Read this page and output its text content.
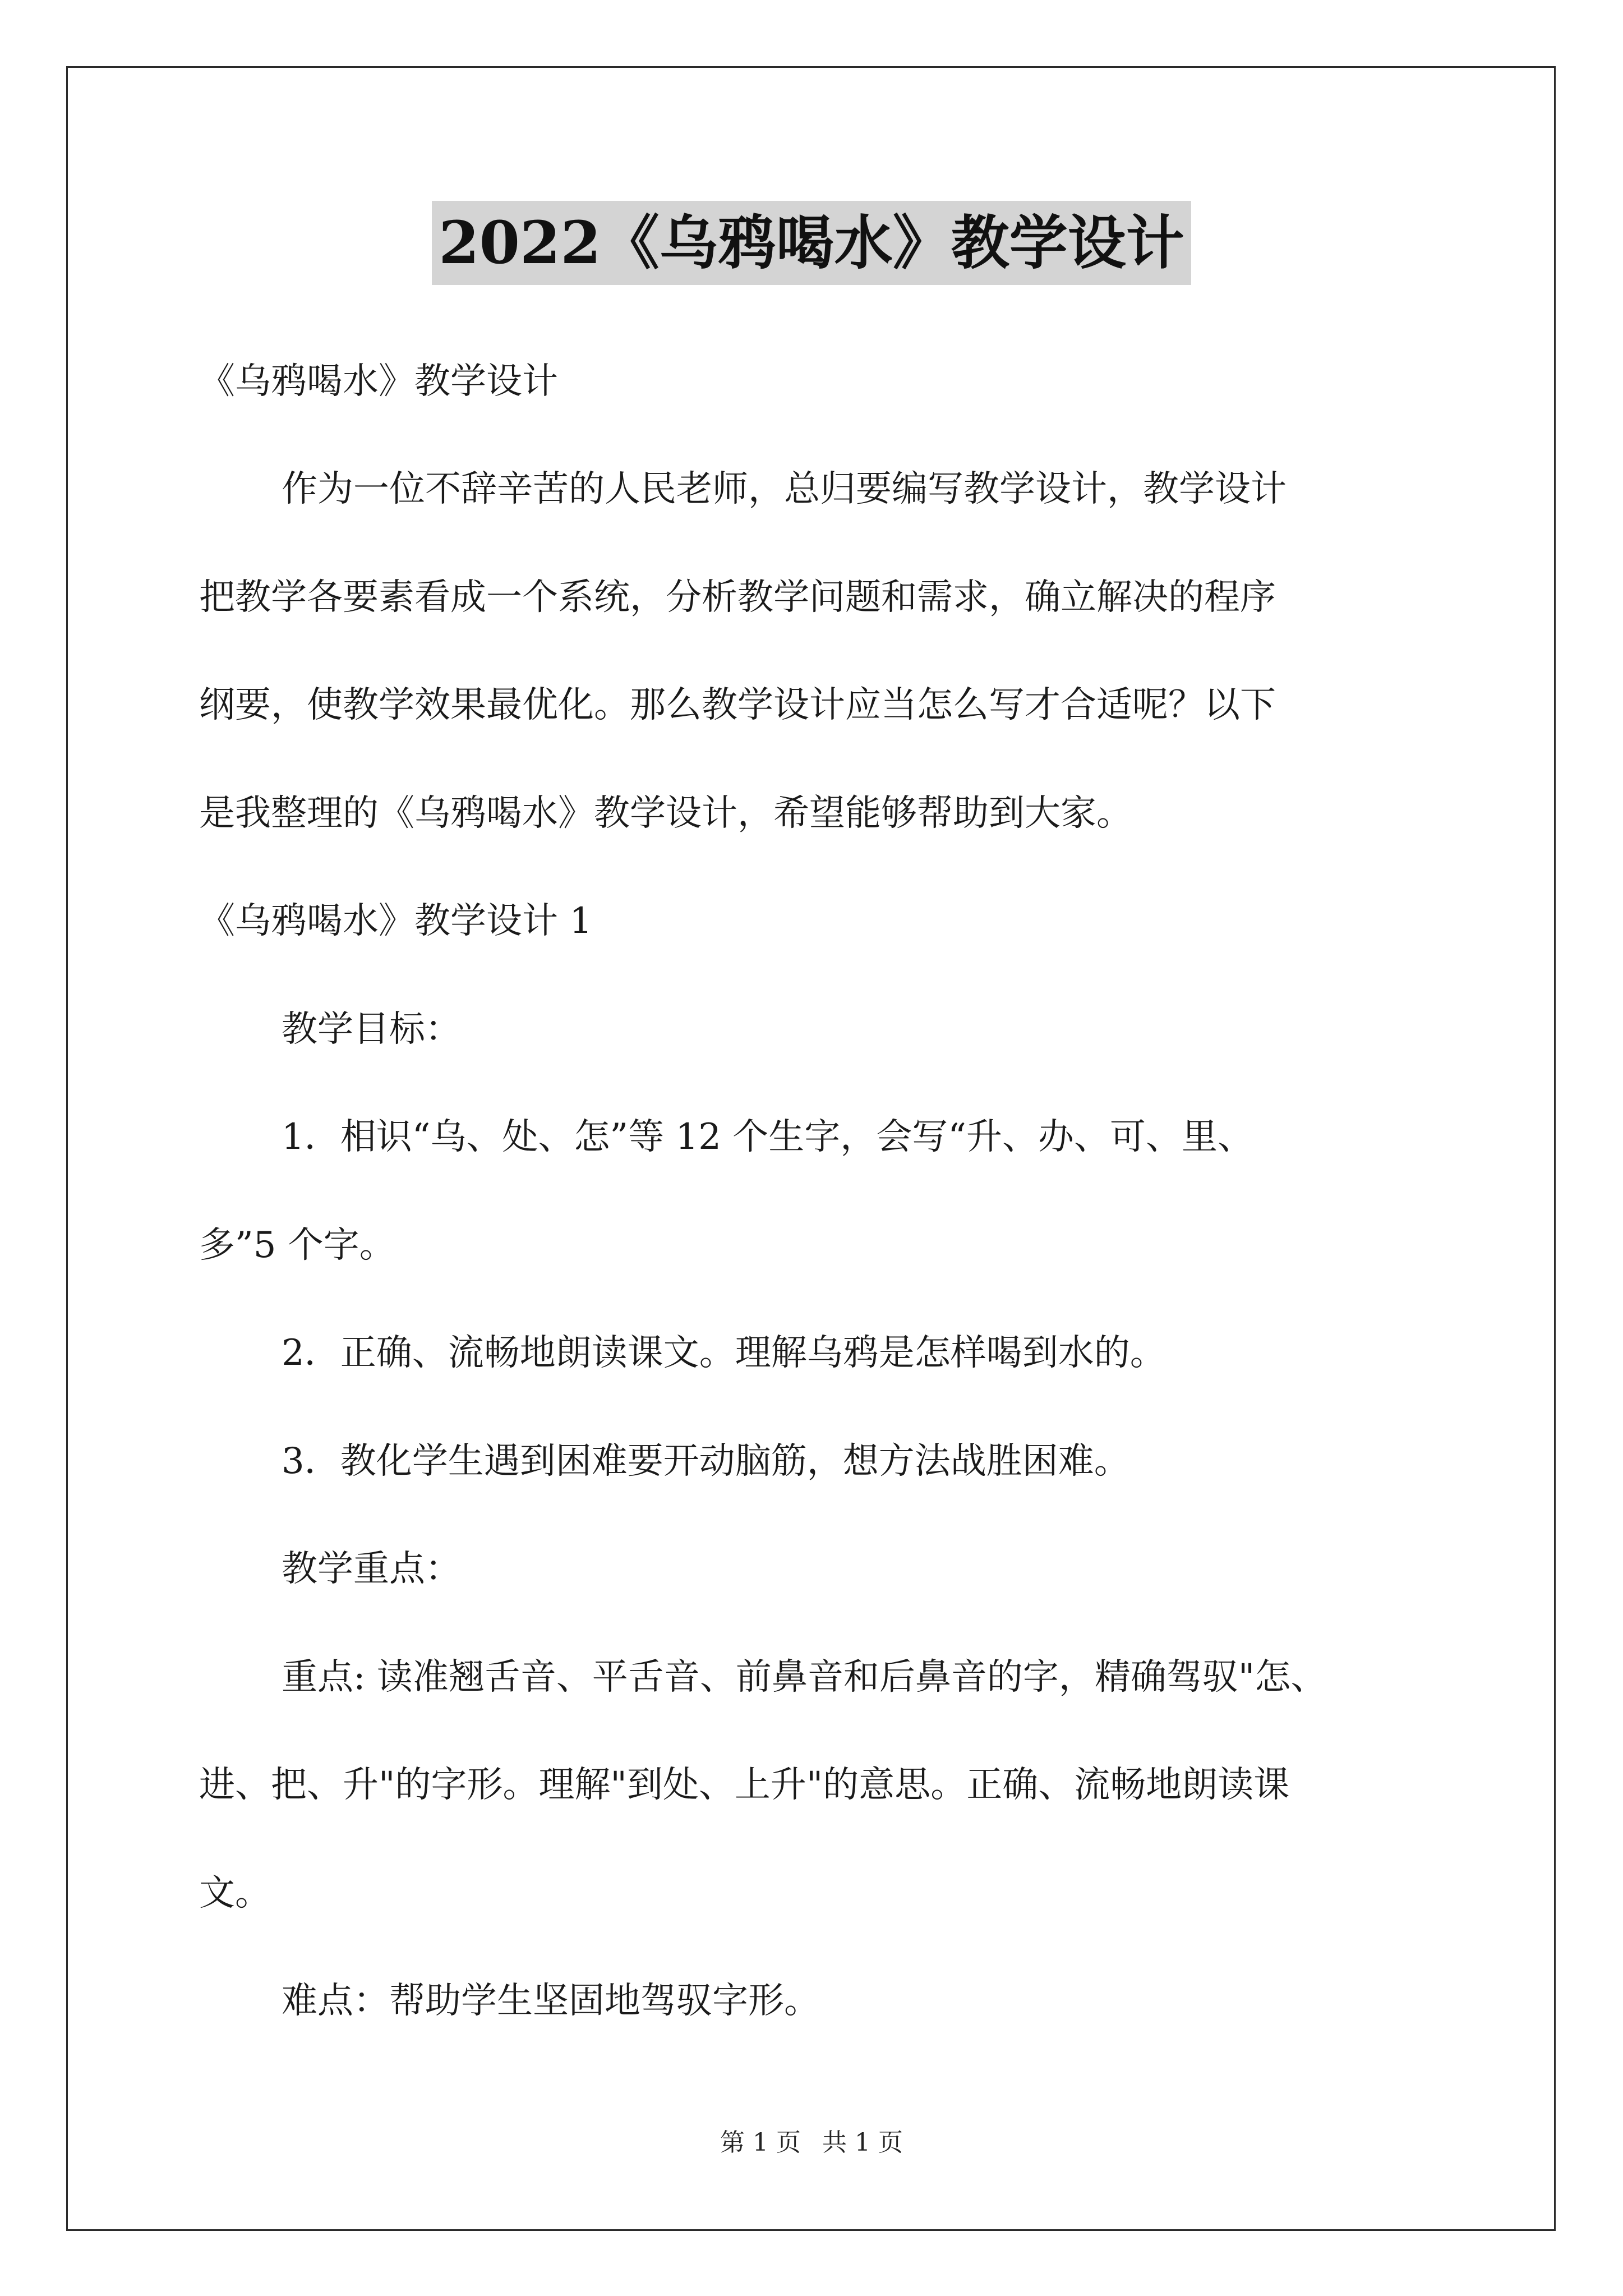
2022《乌鸦喝水》教学设计

《乌鸦喝水》教学设计

作为一位不辞辛苦的人民老师，总归要编写教学设计，教学设计

把教学各要素看成一个系统，分析教学问题和需求，确立解决的程序

纲要，使教学效果最优化。那么教学设计应当怎么写才合适呢？以下

是我整理的《乌鸦喝水》教学设计，希望能够帮助到大家。

《乌鸦喝水》教学设计 1

教学目标：

1．相识“乌、处、怎”等 12 个生字，会写“升、办、可、里、

多”5 个字。

2．正确、流畅地朗读课文。理解乌鸦是怎样喝到水的。

3．教化学生遇到困难要开动脑筋，想方法战胜困难。

教学重点：

重点: 读准翘舌音、平舌音、前鼻音和后鼻音的字，精确驾驭"怎、

进、把、升"的字形。理解"到处、上升"的意思。正确、流畅地朗读课

文。

难点：帮助学生坚固地驾驭字形。

第 1 页 共 1 页
